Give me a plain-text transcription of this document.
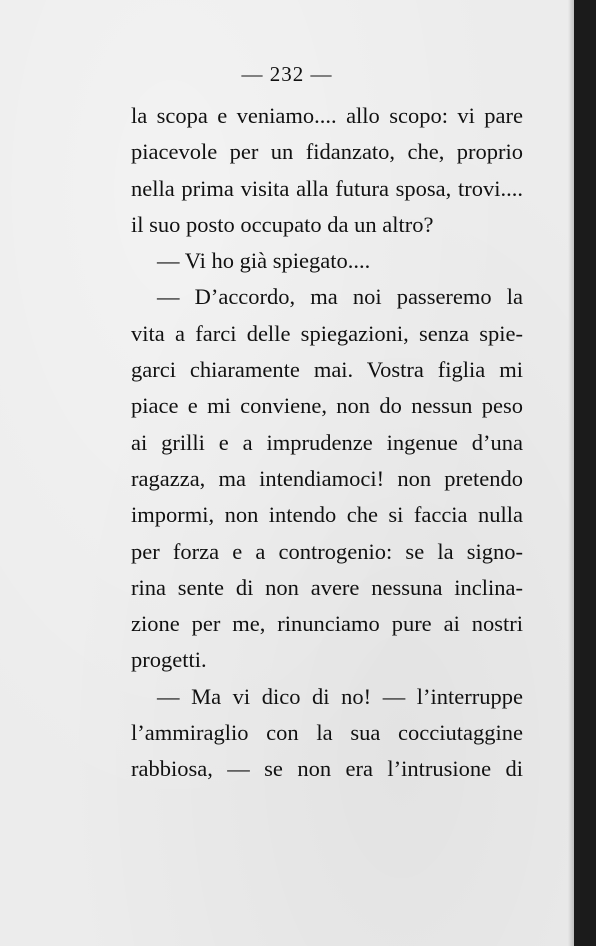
— 232 —
la scopa e veniamo.... allo scopo: vi pare
piacevole per un fidanzato, che, proprio
nella prima visita alla futura sposa, trovi....
il suo posto occupato da un altro?
— Vi ho già spiegato....
— D’accordo, ma noi passeremo la
vita a farci delle spiegazioni, senza spie-
garci chiaramente mai. Vostra figlia mi
piace e mi conviene, non do nessun peso
ai grilli e a imprudenze ingenue d’una
ragazza, ma intendiamoci! non pretendo
impormi, non intendo che si faccia nulla
per forza e a controgenio: se la signo-
rina sente di non avere nessuna inclina-
zione per me, rinunciamo pure ai nostri
progetti.
— Ma vi dico di no! — l’interruppe
l’ammiraglio con la sua cocciutaggine
rabbiosa, — se non era l’intrusione di
